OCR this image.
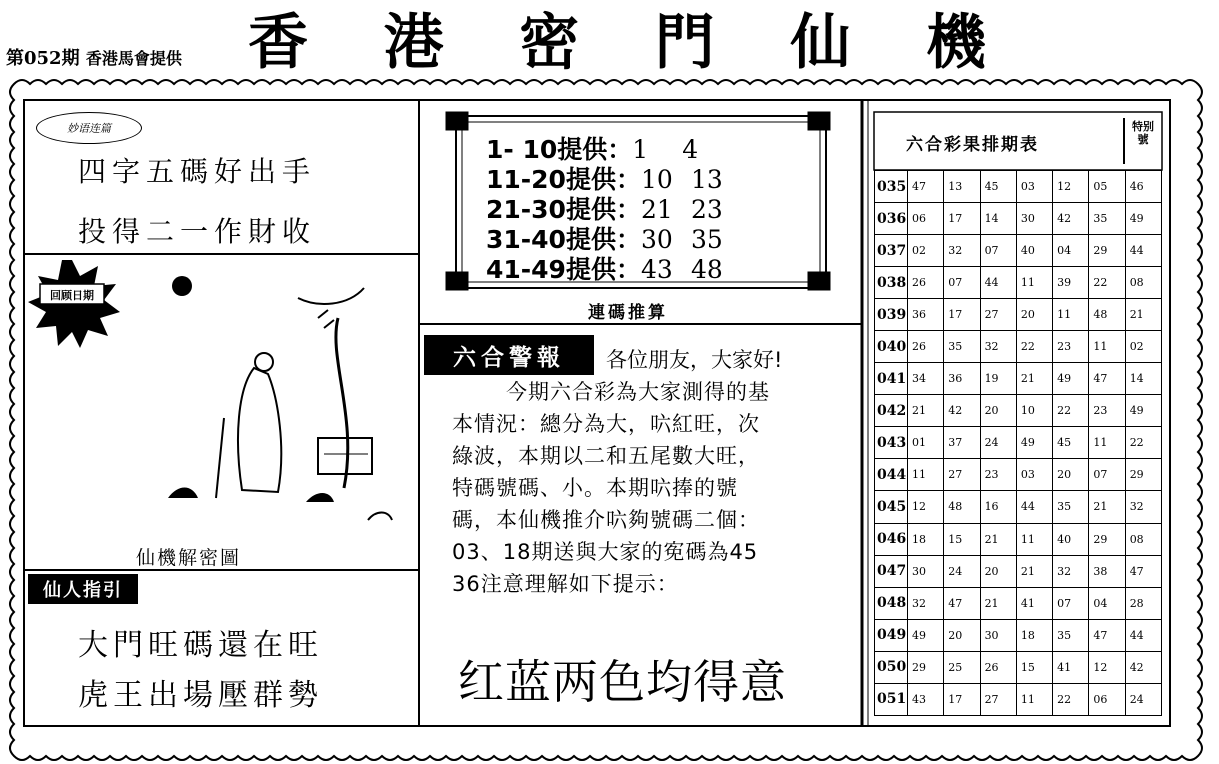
第052期 香港馬會提供 香 港 密 門 仙 機
妙语连篇
四字五碼好出手
投得二一作財收
回顾日期
仙機解密圖
仙人指引
大門旺碼還在旺
虎王出場壓群勢
1- 10提供：1 4
11-20提供：10 13
21-30提供：21 23
31-40提供：30 35
41-49提供：43 48
連碼推算
六合警報	各位朋友，大家好!
今期六合彩為大家測得的基
本情況：總分為大，𠯿紅旺，次
綠波，本期以二和五尾數大旺，
特碼號碼、小。本期𠯿捧的號
碼，本仙機推介𠯿夠號碼二個：
03、18期送與大家的𡨚碼為45
36注意理解如下提示：
红蓝两色均得意
六合彩果排期表
特别號
035	47	13	45	03	12	05	46
036	06	17	14	30	42	35	49
037	02	32	07	40	04	29	44
038	26	07	44	11	39	22	08
039	36	17	27	20	11	48	21
040	26	35	32	22	23	11	02
041	34	36	19	21	49	47	14
042	21	42	20	10	22	23	49
043	01	37	24	49	45	11	22
044	11	27	23	03	20	07	29
045	12	48	16	44	35	21	32
046	18	15	21	11	40	29	08
047	30	24	20	21	32	38	47
048	32	47	21	41	07	04	28
049	49	20	30	18	35	47	44
050	29	25	26	15	41	12	42
051	43	17	27	11	22	06	24
